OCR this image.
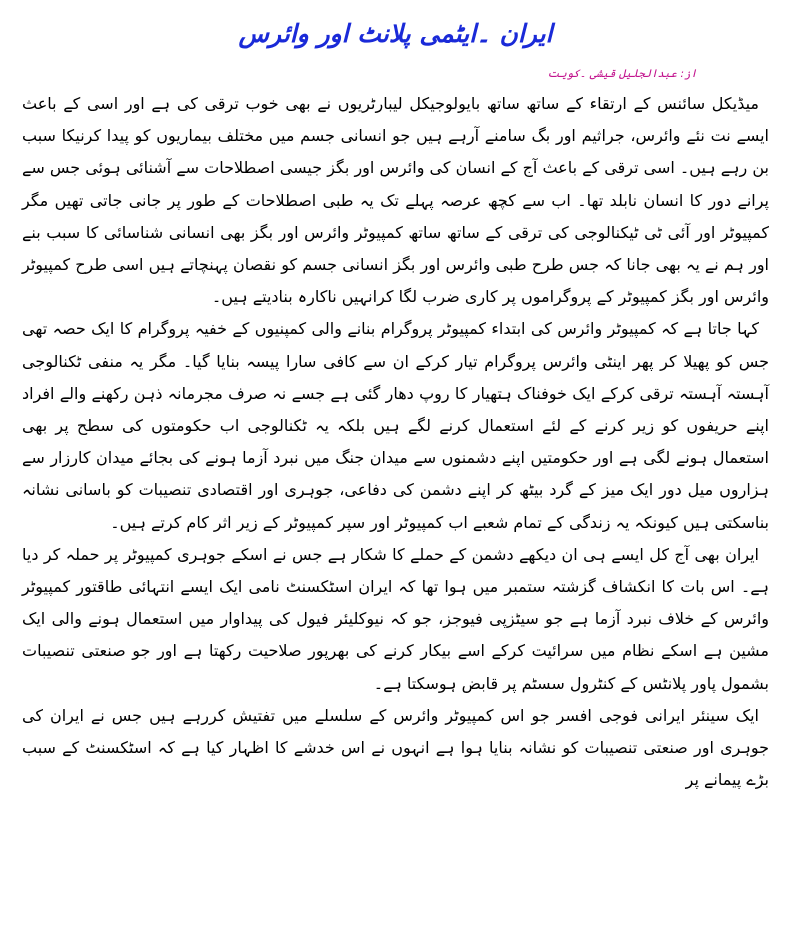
ایران ۔ایٹمی پلانٹ اور وائرس
از: عبدالجلیل قیشی ۔کویت

میڈیکل سائنس کے ارتقاء کے ساتھ ساتھ بایولوجیکل لیبارٹریوں نے بھی خوب ترقی کی ہے اور اسی کے باعث ایسے نت نئے وائرس، جراثیم اور بگ سامنے آرہے ہیں جو انسانی جسم میں مختلف بیماریوں کو پیدا کرنیکا سبب بن رہے ہیں۔ اسی ترقی کے باعث آج کے انسان کی وائرس اور بگز جیسی اصطلاحات سے آشنائی ہوئی جس سے پرانے دور کا انسان نابلد تھا۔ اب سے کچھ عرصہ پہلے تک یہ طبی اصطلاحات کے طور پر جانی جاتی تھیں مگر کمپیوٹر اور آئی ٹی ٹیکنالوجی کی ترقی کے ساتھ ساتھ کمپیوٹر وائرس اور بگز بھی انسانی شناسائی کا سبب بنے اور ہم نے یہ بھی جانا کہ جس طرح طبی وائرس اور بگز انسانی جسم کو نقصان پہنچاتے ہیں اسی طرح کمپیوٹر وائرس اور بگز کمپیوٹر کے پروگراموں پر کاری ضرب لگا کرانہیں ناکارہ بنادیتے ہیں۔

کہا جاتا ہے کہ کمپیوٹر وائرس کی ابتداء کمپیوٹر پروگرام بنانے والی کمپنیوں کے خفیہ پروگرام کا ایک حصہ تھی جس کو پھیلا کر پھر اینٹی وائرس پروگرام تیار کرکے ان سے کافی سارا پیسہ بنایا گیا۔ مگر یہ منفی ٹکنالوجی آہستہ آہستہ ترقی کرکے ایک خوفناک ہتھیار کا روپ دھار گئی ہے جسے نہ صرف مجرمانہ ذہن رکھنے والے افراد اپنے حریفوں کو زیر کرنے کے لئے استعمال کرنے لگے ہیں بلکہ یہ ٹکنالوجی اب حکومتوں کی سطح پر بھی استعمال ہونے لگی ہے اور حکومتیں اپنے دشمنوں سے میدان جنگ میں نبرد آزما ہونے کی بجائے میدان کارزار سے ہزاروں میل دور ایک میز کے گرد بیٹھ کر اپنے دشمن کی دفاعی، جوہری اور اقتصادی تنصیبات کو باسانی نشانہ بناسکتی ہیں کیونکہ یہ زندگی کے تمام شعبے اب کمپیوٹر اور سپر کمپیوٹر کے زیر اثر کام کرتے ہیں۔

ایران بھی آج کل ایسے ہی ان دیکھے دشمن کے حملے کا شکار ہے جس نے اسکے جوہری کمپیوٹر پر حملہ کر دیا ہے۔ اس بات کا انکشاف گزشتہ ستمبر میں ہوا تھا کہ ایران اسٹکسنٹ نامی ایک ایسے انتہائی طاقتور کمپیوٹر وائرس کے خلاف نبرد آزما ہے جو سیٹزپی فیوجز، جو کہ نیوکلیئر فیول کی پیداوار میں استعمال ہونے والی ایک مشین ہے اسکے نظام میں سرائیت کرکے اسے بیکار کرنے کی بھرپور صلاحیت رکھتا ہے اور جو صنعتی تنصیبات بشمول پاور پلانٹس کے کنٹرول سسٹم پر قابض ہوسکتا ہے۔

ایک سینئر ایرانی فوجی افسر جو اس کمپیوٹر وائرس کے سلسلے میں تفتیش کررہے ہیں جس نے ایران کی جوہری اور صنعتی تنصیبات کو نشانہ بنایا ہوا ہے انہوں نے اس خدشے کا اظہار کیا ہے کہ اسٹکسنٹ کے سبب بڑے پیمانے پر
